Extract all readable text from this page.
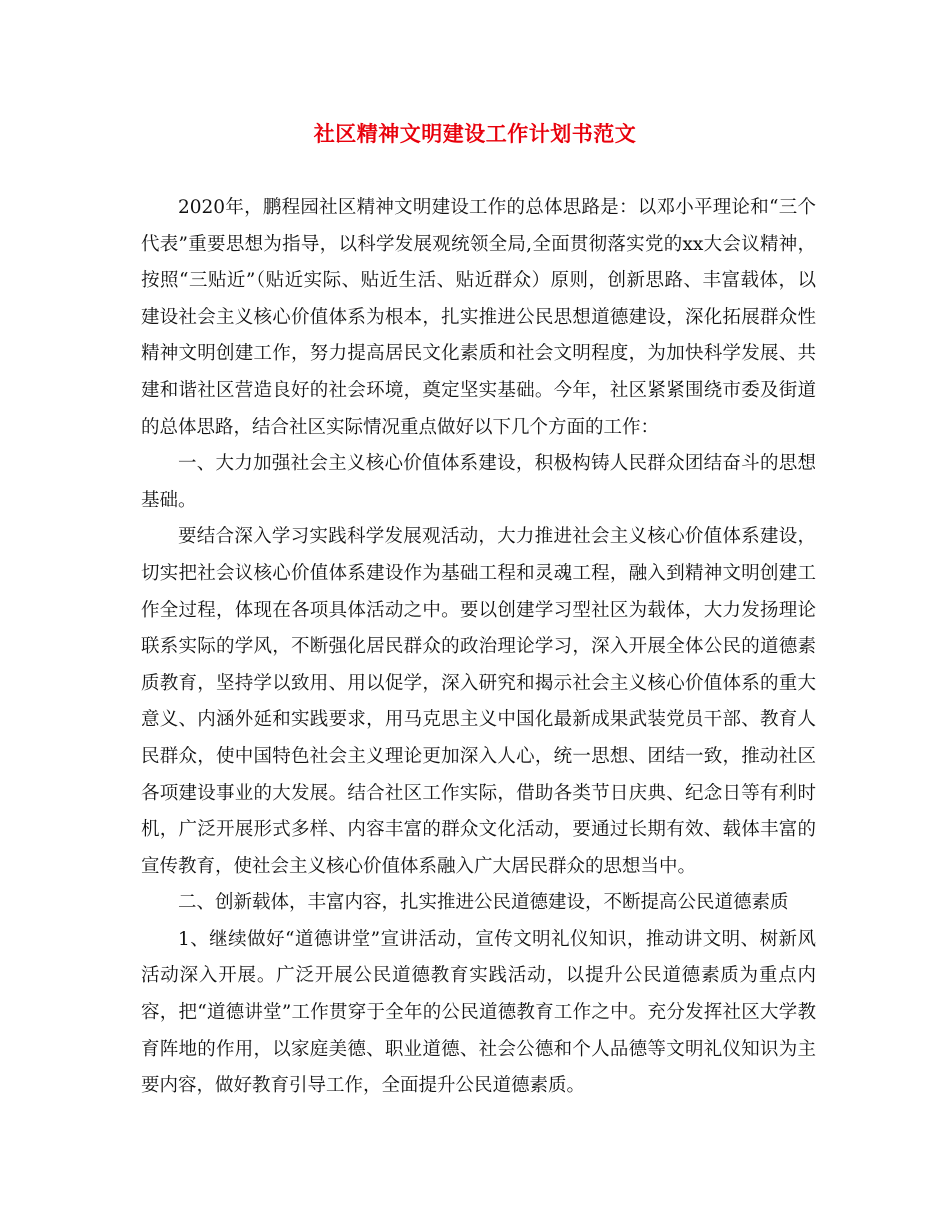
社区精神文明建设工作计划书范文

2020年，鹏程园社区精神文明建设工作的总体思路是：以邓小平理论和“三个代表”重要思想为指导，以科学发展观统领全局,全面贯彻落实党的xx大会议精神，按照“三贴近”（贴近实际、贴近生活、贴近群众）原则，创新思路、丰富载体，以建设社会主义核心价值体系为根本，扎实推进公民思想道德建设，深化拓展群众性精神文明创建工作，努力提高居民文化素质和社会文明程度，为加快科学发展、共建和谐社区营造良好的社会环境，奠定坚实基础。今年，社区紧紧围绕市委及街道的总体思路，结合社区实际情况重点做好以下几个方面的工作：

一、大力加强社会主义核心价值体系建设，积极构铸人民群众团结奋斗的思想基础。

要结合深入学习实践科学发展观活动，大力推进社会主义核心价值体系建设，切实把社会议核心价值体系建设作为基础工程和灵魂工程，融入到精神文明创建工作全过程，体现在各项具体活动之中。要以创建学习型社区为载体，大力发扬理论联系实际的学风，不断强化居民群众的政治理论学习，深入开展全体公民的道德素质教育，坚持学以致用、用以促学，深入研究和揭示社会主义核心价值体系的重大意义、内涵外延和实践要求，用马克思主义中国化最新成果武装党员干部、教育人民群众，使中国特色社会主义理论更加深入人心，统一思想、团结一致，推动社区各项建设事业的大发展。结合社区工作实际，借助各类节日庆典、纪念日等有利时机，广泛开展形式多样、内容丰富的群众文化活动，要通过长期有效、载体丰富的宣传教育，使社会主义核心价值体系融入广大居民群众的思想当中。

二、创新载体，丰富内容，扎实推进公民道德建设，不断提高公民道德素质

1、继续做好“道德讲堂”宣讲活动，宣传文明礼仪知识，推动讲文明、树新风活动深入开展。广泛开展公民道德教育实践活动，以提升公民道德素质为重点内容，把“道德讲堂”工作贯穿于全年的公民道德教育工作之中。充分发挥社区大学教育阵地的作用，以家庭美德、职业道德、社会公德和个人品德等文明礼仪知识为主要内容，做好教育引导工作，全面提升公民道德素质。
